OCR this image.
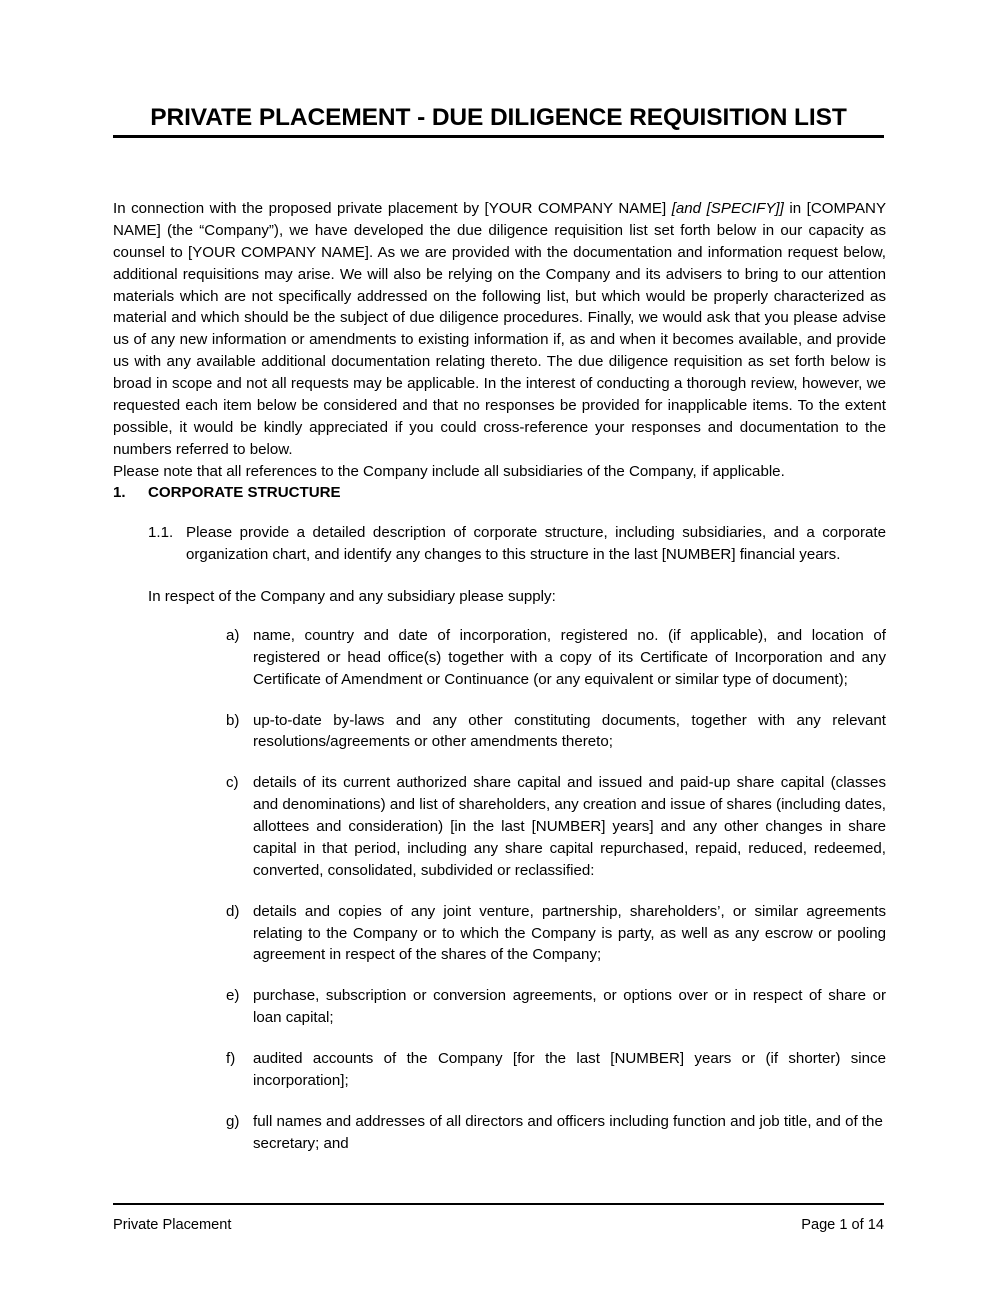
PRIVATE PLACEMENT - DUE DILIGENCE REQUISITION LIST

In connection with the proposed private placement by [YOUR COMPANY NAME] [and [SPECIFY]] in [COMPANY NAME] (the “Company”), we have developed the due diligence requisition list set forth below in our capacity as counsel to [YOUR COMPANY NAME]. As we are provided with the documentation and information request below, additional requisitions may arise. We will also be relying on the Company and its advisers to bring to our attention materials which are not specifically addressed on the following list, but which would be properly characterized as material and which should be the subject of due diligence procedures. Finally, we would ask that you please advise us of any new information or amendments to existing information if, as and when it becomes available, and provide us with any available additional documentation relating thereto. The due diligence requisition as set forth below is broad in scope and not all requests may be applicable. In the interest of conducting a thorough review, however, we requested each item below be considered and that no responses be provided for inapplicable items. To the extent possible, it would be kindly appreciated if you could cross-reference your responses and documentation to the numbers referred to below.

Please note that all references to the Company include all subsidiaries of the Company, if applicable.

1.	CORPORATE STRUCTURE
1.1. Please provide a detailed description of corporate structure, including subsidiaries, and a corporate organization chart, and identify any changes to this structure in the last [NUMBER] financial years.

In respect of the Company and any subsidiary please supply:

a) name, country and date of incorporation, registered no. (if applicable), and location of registered or head office(s) together with a copy of its Certificate of Incorporation and any Certificate of Amendment or Continuance (or any equivalent or similar type of document);
b) up-to-date by-laws and any other constituting documents, together with any relevant resolutions/agreements or other amendments thereto;
c) details of its current authorized share capital and issued and paid-up share capital (classes and denominations) and list of shareholders, any creation and issue of shares (including dates, allottees and consideration) [in the last [NUMBER] years] and any other changes in share capital in that period, including any share capital repurchased, repaid, reduced, redeemed, converted, consolidated, subdivided or reclassified:
d) details and copies of any joint venture, partnership, shareholders’, or similar agreements relating to the Company or to which the Company is party, as well as any escrow or pooling agreement in respect of the shares of the Company;
e) purchase, subscription or conversion agreements, or options over or in respect of share or loan capital;
f)	audited accounts of the Company [for the last [NUMBER] years or (if shorter) since incorporation];
g) full names and addresses of all directors and officers including function and job title, and of the secretary; and
Private Placement	Page 1 of 14
